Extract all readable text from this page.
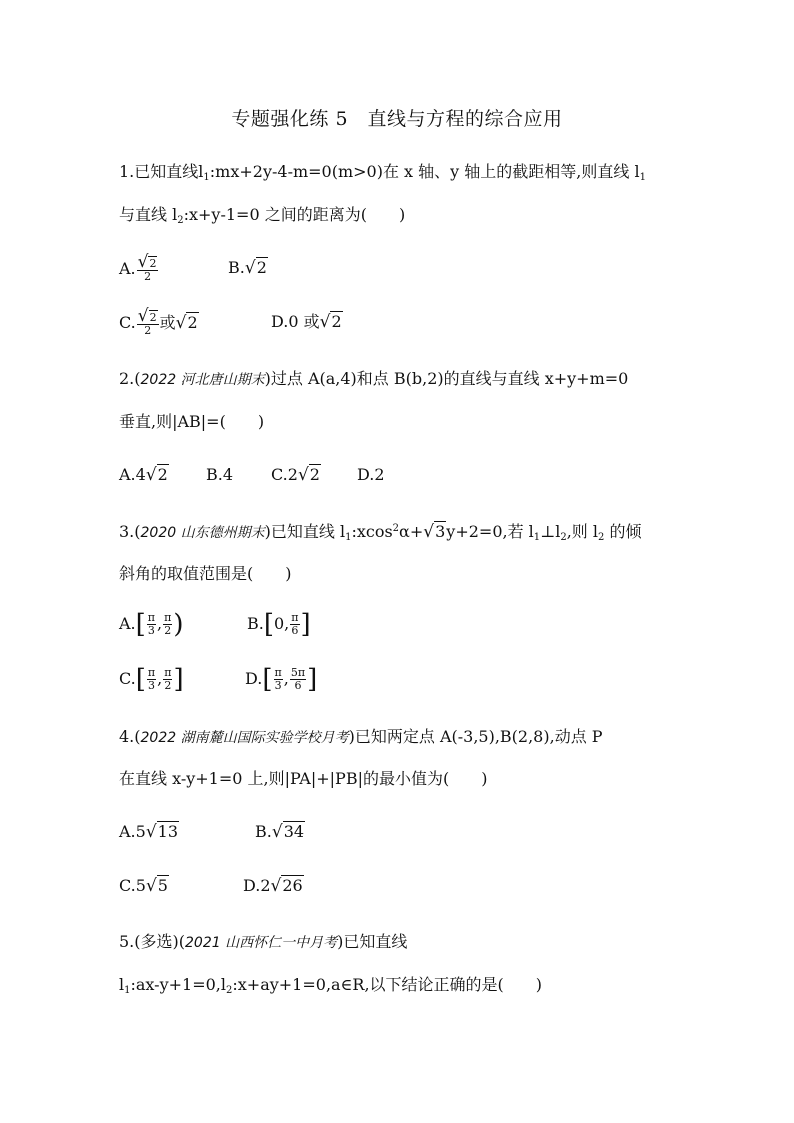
专题强化练 5　直线与方程的综合应用
1.已知直线$l_1:mx+2y-4-m=0(m>0)$在 x 轴、y 轴上的截距相等,则直线 $l_1$
与直线 $l_2:x+y-1=0$ 之间的距离为(　　)
A. $\frac{√2}{2}$	B.√2
C. $\frac{√2}{2}$ 或√2	D.0 或√2
2.(2022 河北唐山期末)过点 A(a,4)和点 B(b,2)的直线与直线 x+y+m=0
垂直,则|AB|=(　　)
A.4√2 B.4 C.2√2 D.2
3.(2020 山东德州期末)已知直线 $l_1:xcos^2\alpha+√3y+2=0$,若 $l_1\perp l_2$,则 $l_2$ 的倾
斜角的取值范围是(　　)
$A.[ \frac{\pi}{3}$ , $\frac{\pi}{2}$ )	B.[0, $\frac{\pi}{6}$ ]
$C.[ \frac{\pi}{3}$ , $\frac{\pi}{2}$ ]	$D.[ \frac{\pi}{3}$ , $\frac{5\pi}{6}$ ]
4.(2022 湖南麓山国际实验学校月考)已知两定点 A(-3,5),B(2,8),动点 P
在直线 x-y+1=0 上,则|PA|+|PB|的最小值为(　　)
A.5√13	B.√34
C.5√5	D.2√26
5.(多选)(2021 山西怀仁一中月考)已知直线
$l_1:ax-y+1=0,l_2:x+ay+1=0,a\in R$,以下结论正确的是(　　)
